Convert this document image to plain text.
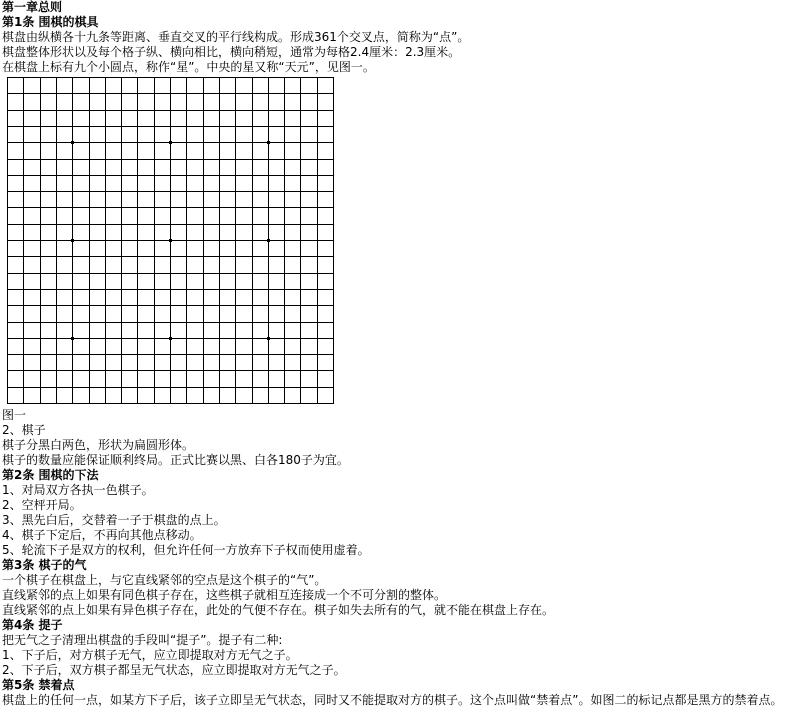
第一章总则
第1条 围棋的棋具
棋盘由纵横各十九条等距离、垂直交叉的平行线构成。形成361个交叉点，简称为“点”。
棋盘整体形状以及每个格子纵、横向相比，横向稍短，通常为每格2.4厘米：2.3厘米。
在棋盘上标有九个小圆点，称作“星”。中央的星又称“天元”，见图一。
图一
2、棋子
棋子分黑白两色，形状为扁圆形体。
棋子的数量应能保证顺利终局。正式比赛以黑、白各180子为宜。
第2条 围棋的下法
1、对局双方各执一色棋子。
2、空枰开局。
3、黑先白后，交替着一子于棋盘的点上。
4、棋子下定后，不再向其他点移动。
5、轮流下子是双方的权利，但允许任何一方放弃下子权而使用虚着。
第3条 棋子的气
一个棋子在棋盘上，与它直线紧邻的空点是这个棋子的“气”。
直线紧邻的点上如果有同色棋子存在，这些棋子就相互连接成一个不可分割的整体。
直线紧邻的点上如果有异色棋子存在，此处的气便不存在。棋子如失去所有的气，就不能在棋盘上存在。
第4条 提子
把无气之子清理出棋盘的手段叫“提子”。提子有二种:
1、下子后，对方棋子无气，应立即提取对方无气之子。
2、下子后，双方棋子都呈无气状态，应立即提取对方无气之子。
第5条 禁着点
棋盘上的任何一点，如某方下子后，该子立即呈无气状态，同时又不能提取对方的棋子。这个点叫做“禁着点”。如图二的标记点都是黑方的禁着点。
